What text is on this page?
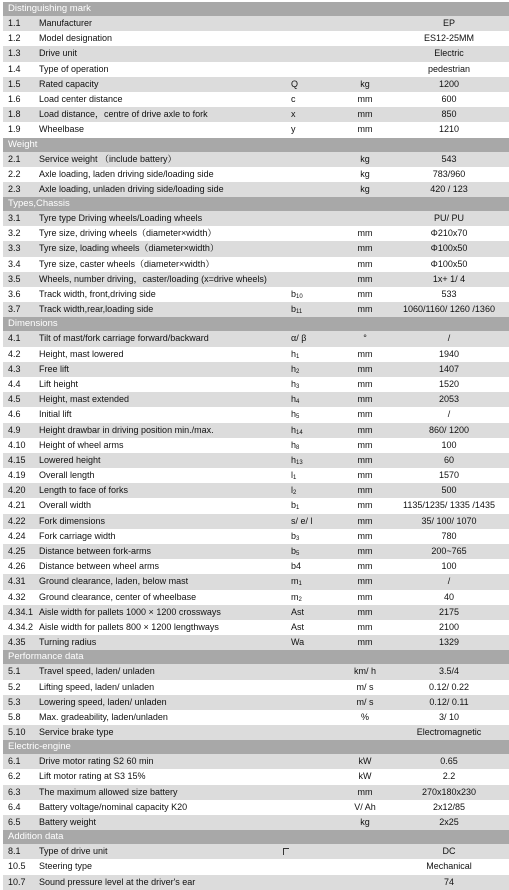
Distinguishing mark
1.1	Manufacturer	EP
1.2	Model designation	ES12-25MM
1.3	Drive unit	Electric
1.4	Type of operation	pedestrian
1.5	Rated capacity	Q	kg	1200
1.6	Load center distance	c	mm	600
1.8	Load distance，centre of drive axle to fork	x	mm	850
1.9	Wheelbase	y	mm	1210
Weight
2.1	Service weight （include battery）	kg	543
2.2	Axle loading, laden driving side/loading side	kg	783/960
2.3	Axle loading, unladen driving side/loading side	kg	420 / 123
Types,Chassis
3.1	Tyre type Driving wheels/Loading wheels	PU/ PU
3.2	Tyre size, driving wheels（diameter×width）	mm	Φ210x70
3.3	Tyre size, loading wheels（diameter×width）	mm	Φ100x50
3.4	Tyre size, caster wheels（diameter×width）	mm	Φ100x50
3.5	Wheels, number driving，caster/loading (x=drive wheels)	mm	1x+ 1/ 4
3.6	Track width, front,driving side	$b_{10}$	mm	533
3.7	Track width,rear,loading side	$b_{11}$	mm	1060/1160/ 1260 /1360
Dimensions
4.1	Tilt of mast/fork carriage forward/backward	α/ β	°	/
4.2	Height, mast lowered	$h_1$	mm	1940
4.3	Free lift	$h_2$	mm	1407
4.4	Lift height	$h_3$	mm	1520
4.5	Height, mast extended	$h_4$	mm	2053
4.6	Initial lift	$h_5$	mm	/
4.9	Height drawbar in driving position min./max.	$h_{14}$	mm	860/ 1200
4.10	Height of wheel arms	$h_8$	mm	100
4.15	Lowered height	$h_{13}$	mm	60
4.19	Overall length	$l_1$	mm	1570
4.20	Length to face of forks	$l_2$	mm	500
4.21	Overall width	$b_1$	mm	1135/1235/ 1335 /1435
4.22	Fork dimensions	s/ e/ l	mm	35/ 100/ 1070
4.24	Fork carriage width	$b_3$	mm	780
4.25	Distance between fork-arms	$b_5$	mm	200~765
4.26	Distance between wheel arms	b4	mm	100
4.31	Ground clearance, laden, below mast	$m_1$	mm	/
4.32	Ground clearance, center of wheelbase	$m_2$	mm	40
4.34.1 Aisle width for pallets 1000 × 1200 crossways	Ast	mm	2175
4.34.2 Aisle width for pallets 800 × 1200 lengthways	Ast	mm	2100
4.35	Turning radius	Wa	mm	1329
Performance data
5.1	Travel speed, laden/ unladen	km/ h	3.5/4
5.2	Lifting speed, laden/ unladen	m/ s	0.12/ 0.22
5.3	Lowering speed, laden/ unladen	m/ s	0.12/ 0.11
5.8	Max. gradeability, laden/unladen	%	3/ 10
5.10	Service brake type	Electromagnetic
Electric-engine
6.1	Drive motor rating S2 60 min	kW	0.65
6.2	Lift motor rating at S3 15%	kW	2.2
6.3	The maximum allowed size battery	mm	270x180x230
6.4	Battery voltage/nominal capacity K20	V/ Ah	2x12/85
6.5	Battery weight	kg	2x25
Addition data
8.1	Type of drive unit	DC
10.5	Steering type	Mechanical
10.7	Sound pressure level at the driver's ear	74
